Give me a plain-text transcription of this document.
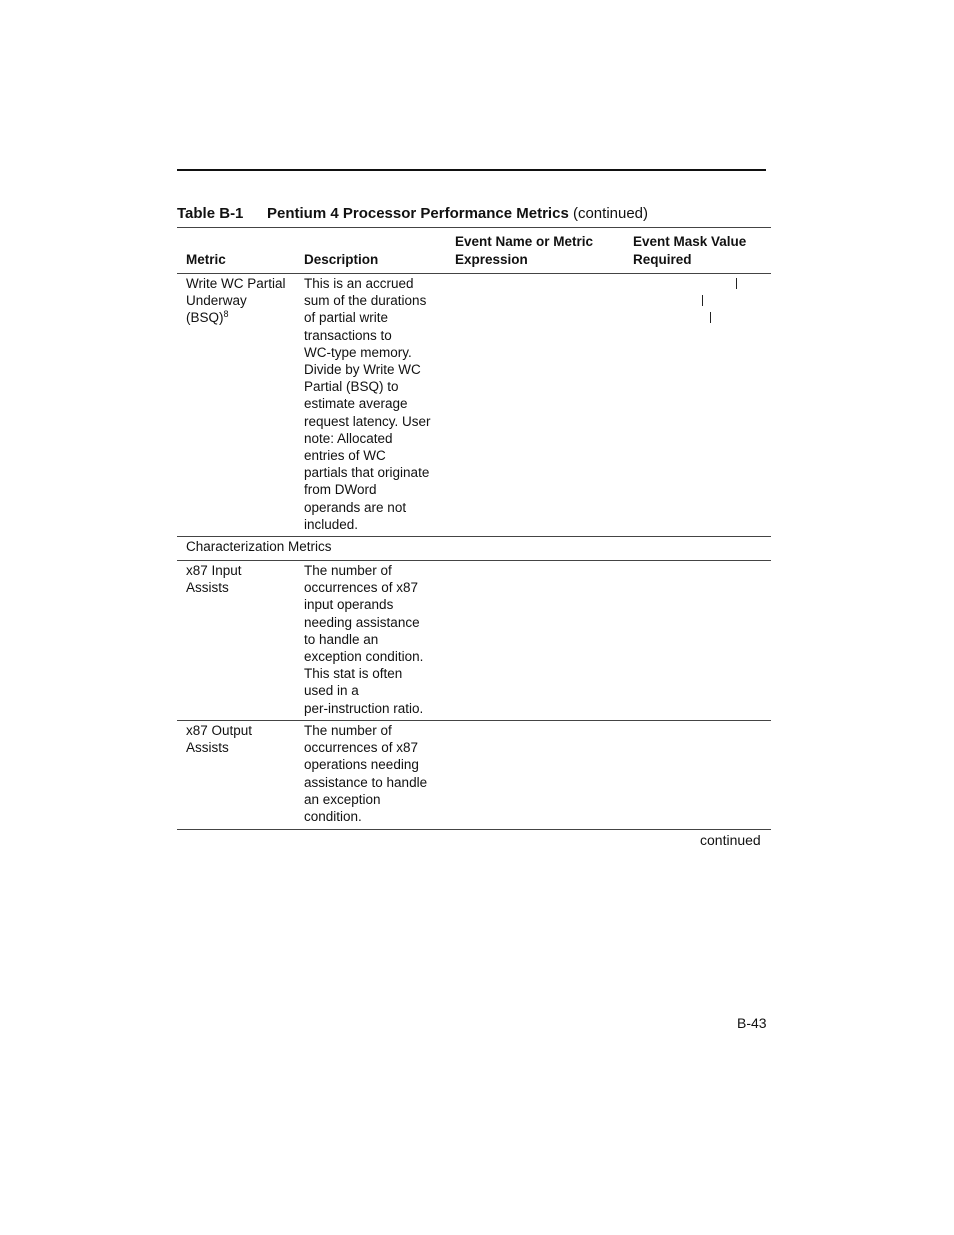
Table B-1 Pentium 4 Processor Performance Metrics (continued)
Metric	Description
Event Name or Metric
Expression
Event Mask Value
Required
Write WC Partial
Underway
(BSQ)$^8$
This is an accrued
sum of the durations
of partial write
transactions to
WC-type memory.
Divide by Write WC
Partial (BSQ) to
estimate average
request latency. User
note: Allocated
entries of WC
partials that originate
from DWord
operands are not
included.
Characterization Metrics
x87 Input
Assists
The number of
occurrences of x87
input operands
needing assistance
to handle an
exception condition.
This stat is often
used in a
per-instruction ratio.
x87 Output
Assists
The number of
occurrences of x87
operations needing
assistance to handle
an exception
condition.
continued
B-43
